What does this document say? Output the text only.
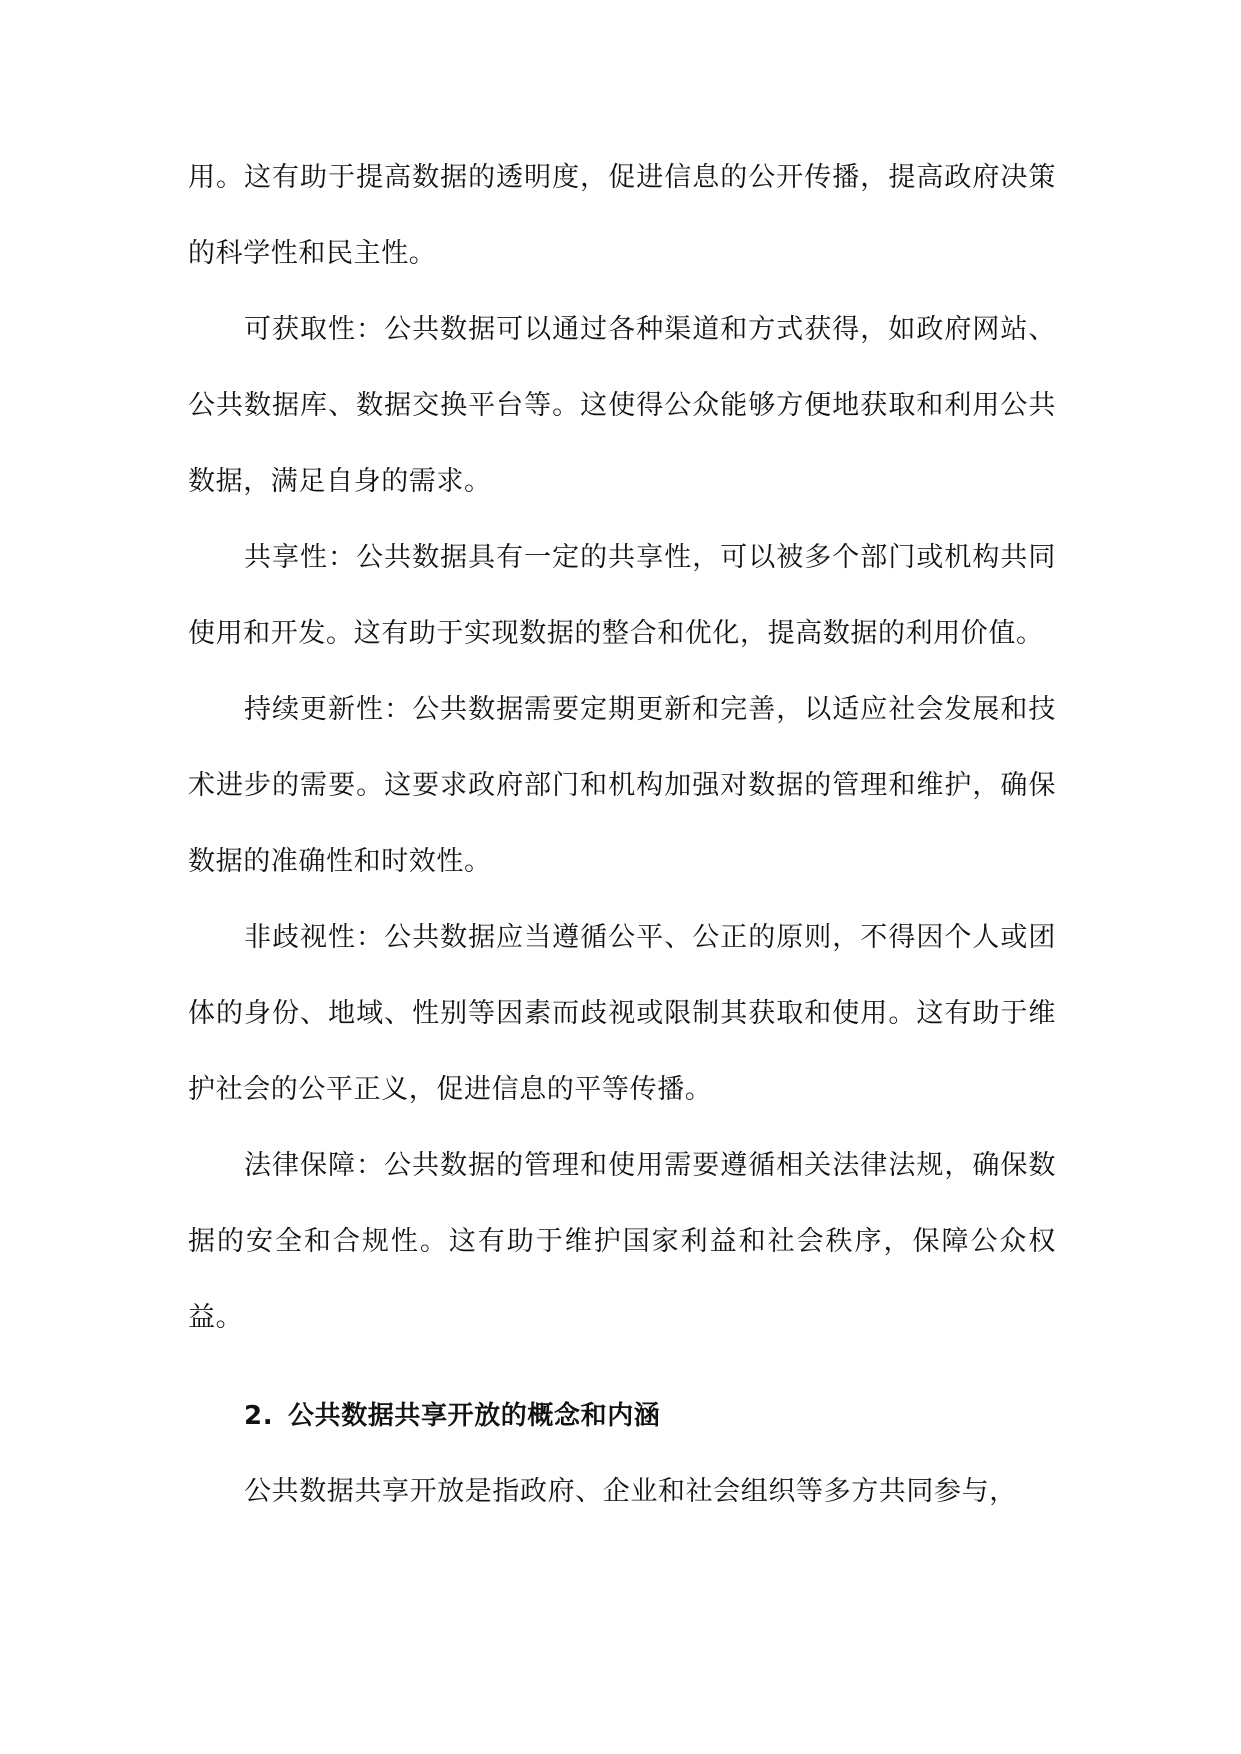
用。这有助于提高数据的透明度，促进信息的公开传播，提高政府决策的科学性和民主性。

可获取性：公共数据可以通过各种渠道和方式获得，如政府网站、公共数据库、数据交换平台等。这使得公众能够方便地获取和利用公共数据，满足自身的需求。

共享性：公共数据具有一定的共享性，可以被多个部门或机构共同使用和开发。这有助于实现数据的整合和优化，提高数据的利用价值。

持续更新性：公共数据需要定期更新和完善，以适应社会发展和技术进步的需要。这要求政府部门和机构加强对数据的管理和维护，确保数据的准确性和时效性。

非歧视性：公共数据应当遵循公平、公正的原则，不得因个人或团体的身份、地域、性别等因素而歧视或限制其获取和使用。这有助于维护社会的公平正义，促进信息的平等传播。

法律保障：公共数据的管理和使用需要遵循相关法律法规，确保数据的安全和合规性。这有助于维护国家利益和社会秩序，保障公众权益。

2. 公共数据共享开放的概念和内涵

公共数据共享开放是指政府、企业和社会组织等多方共同参与，
